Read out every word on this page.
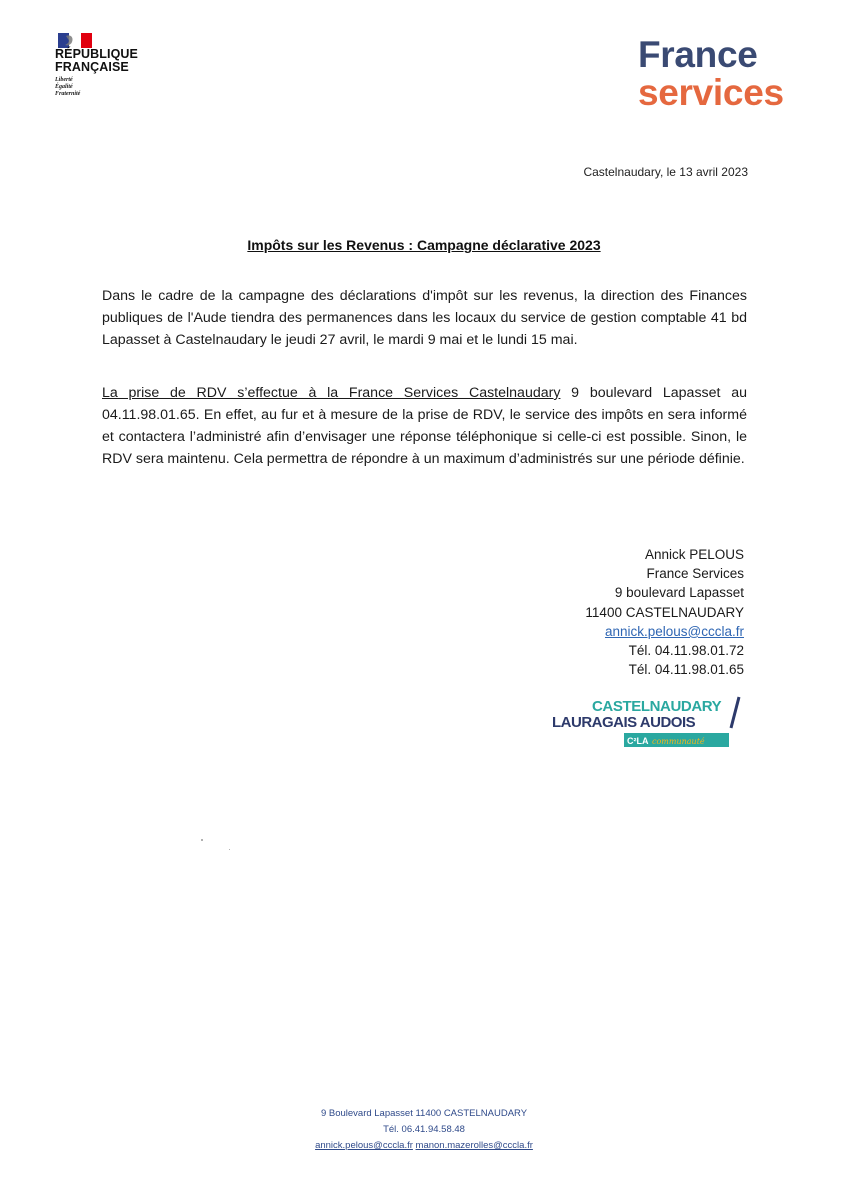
RÉPUBLIQUE
FRANÇAISE
Liberté
Égalité
Fraternité
France
services
Castelnaudary, le 13 avril 2023
Impôts sur les Revenus : Campagne déclarative 2023
Dans le cadre de la campagne des déclarations d'impôt sur les revenus, la direction des Finances publiques de l'Aude tiendra des permanences dans les locaux du service de gestion comptable 41 bd Lapasset à Castelnaudary le jeudi 27 avril, le mardi 9 mai et le lundi 15 mai.
La prise de RDV s’effectue à la France Services Castelnaudary 9 boulevard Lapasset au 04.11.98.01.65. En effet, au fur et à mesure de la prise de RDV, le service des impôts en sera informé et contactera l’administré afin d’envisager une réponse téléphonique si celle-ci est possible. Sinon, le RDV sera maintenu. Cela permettra de répondre à un maximum d’administrés sur une période définie.
Annick PELOUS
France Services
9 boulevard Lapasset
11400 CASTELNAUDARY
annick.pelous@cccla.fr
Tél. 04.11.98.01.72
Tél. 04.11.98.01.65
CASTELNAUDARY
LAURAGAIS AUDOIS
C²LA communauté
9 Boulevard Lapasset 11400 CASTELNAUDARY
Tél. 06.41.94.58.48
annick.pelous@cccla.fr manon.mazerolles@cccla.fr
